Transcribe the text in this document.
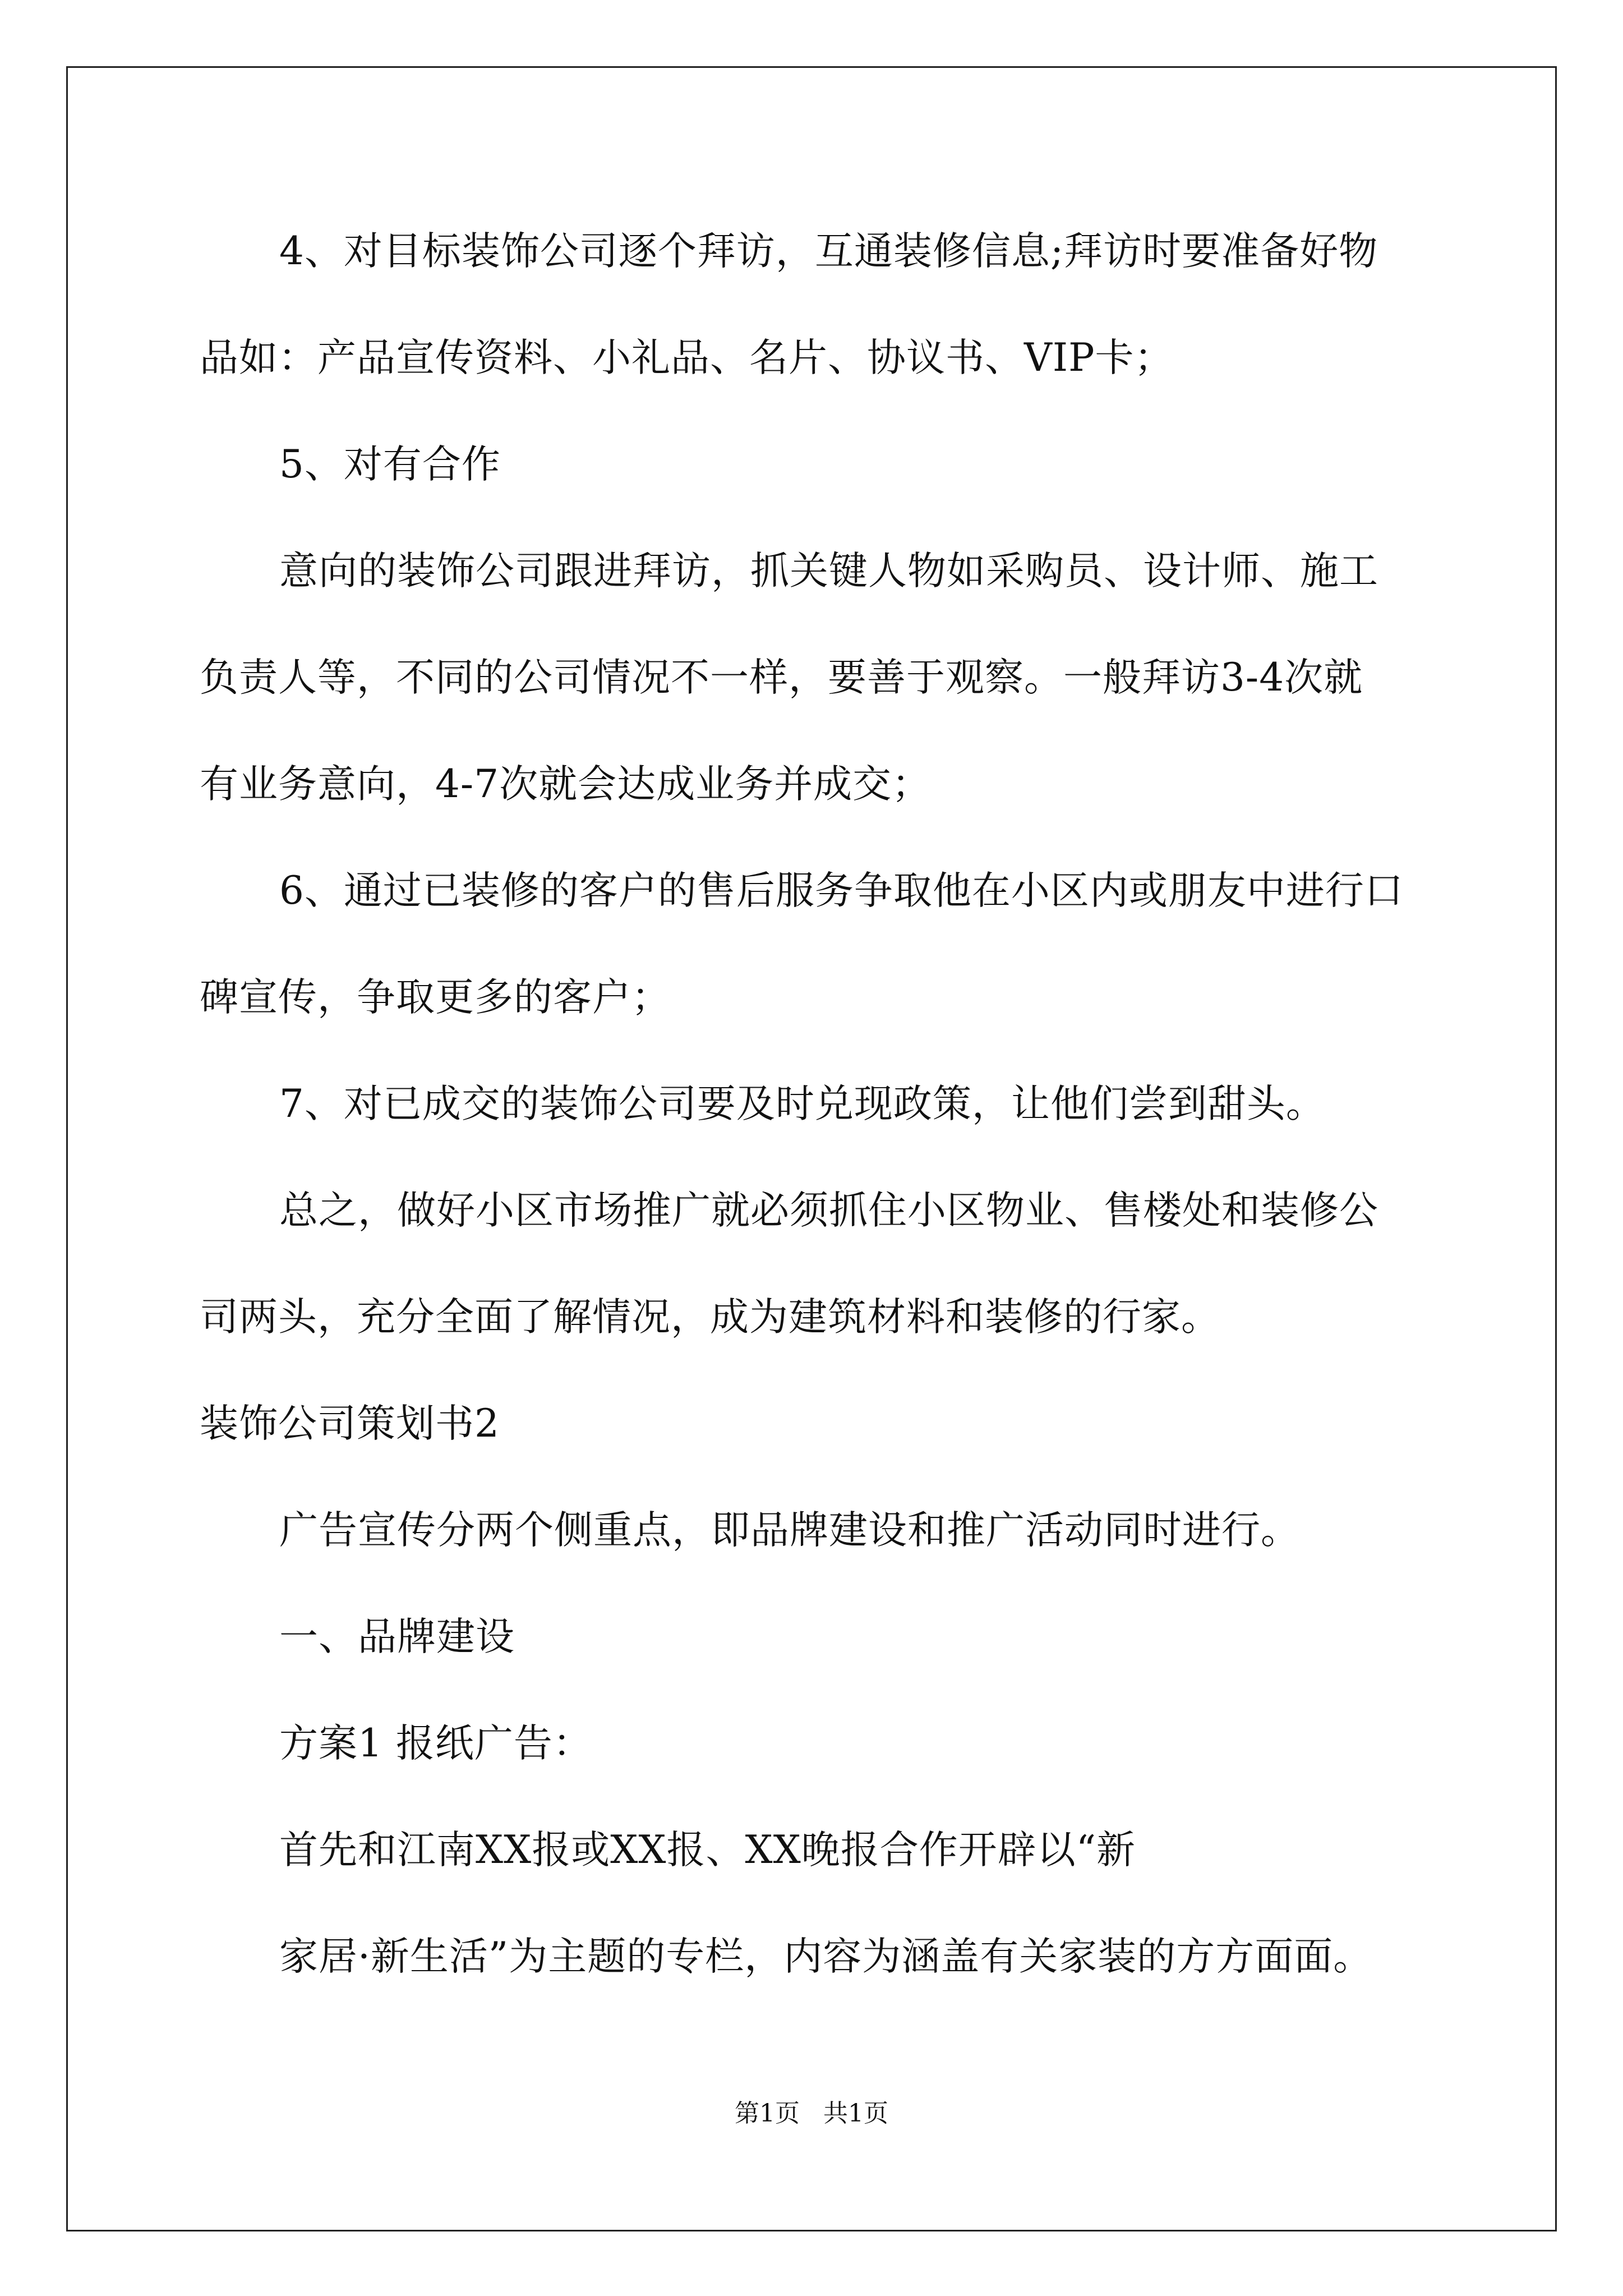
4、对目标装饰公司逐个拜访，互通装修信息;拜访时要准备好物
品如：产品宣传资料、小礼品、名片、协议书、VIP卡；
5、对有合作
意向的装饰公司跟进拜访，抓关键人物如采购员、设计师、施工
负责人等，不同的公司情况不一样，要善于观察。一般拜访3-4次就
有业务意向，4-7次就会达成业务并成交；
6、通过已装修的客户的售后服务争取他在小区内或朋友中进行口
碑宣传，争取更多的客户；
7、对已成交的装饰公司要及时兑现政策，让他们尝到甜头。
总之，做好小区市场推广就必须抓住小区物业、售楼处和装修公
司两头，充分全面了解情况，成为建筑材料和装修的行家。
装饰公司策划书2
广告宣传分两个侧重点，即品牌建设和推广活动同时进行。
一、品牌建设
方案1 报纸广告：
首先和江南XX报或XX报、XX晚报合作开辟以“新
家居·新生活”为主题的专栏，内容为涵盖有关家装的方方面面。
第1页 共1页
